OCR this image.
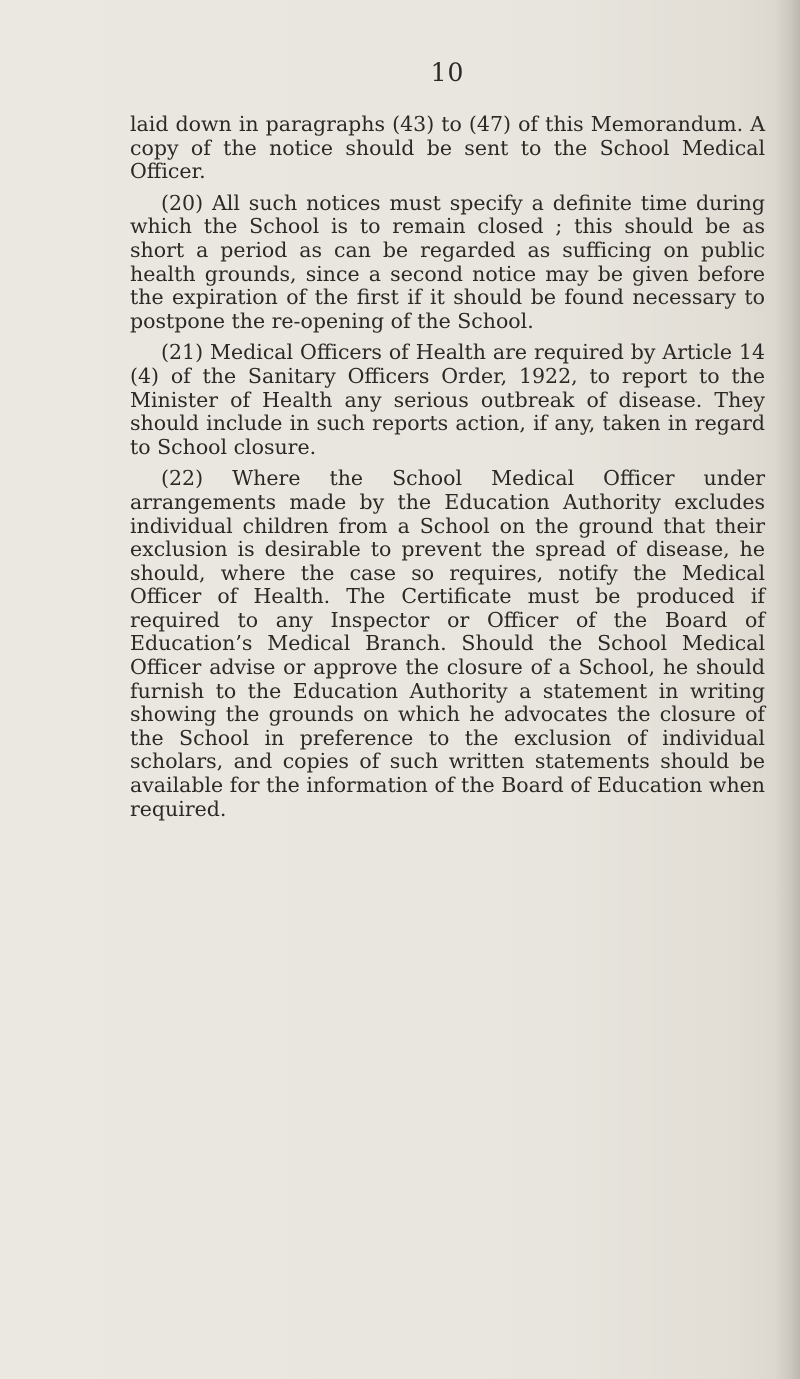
10

laid down in paragraphs (43) to (47) of this Memorandum. A copy of the notice should be sent to the School Medical Officer.

(20) All such notices must specify a definite time during which the School is to remain closed ; this should be as short a period as can be regarded as sufficing on public health grounds, since a second notice may be given before the expiration of the first if it should be found necessary to postpone the re-opening of the School.

(21) Medical Officers of Health are required by Article 14 (4) of the Sanitary Officers Order, 1922, to report to the Minister of Health any serious outbreak of disease. They should include in such reports action, if any, taken in regard to School closure.

(22) Where the School Medical Officer under arrangements made by the Education Authority excludes individual children from a School on the ground that their exclusion is desirable to prevent the spread of disease, he should, where the case so requires, notify the Medical Officer of Health. The Certificate must be produced if required to any Inspector or Officer of the Board of Education’s Medical Branch. Should the School Medical Officer advise or approve the closure of a School, he should furnish to the Education Authority a statement in writing showing the grounds on which he advocates the closure of the School in preference to the exclusion of individual scholars, and copies of such written statements should be available for the information of the Board of Education when required.
